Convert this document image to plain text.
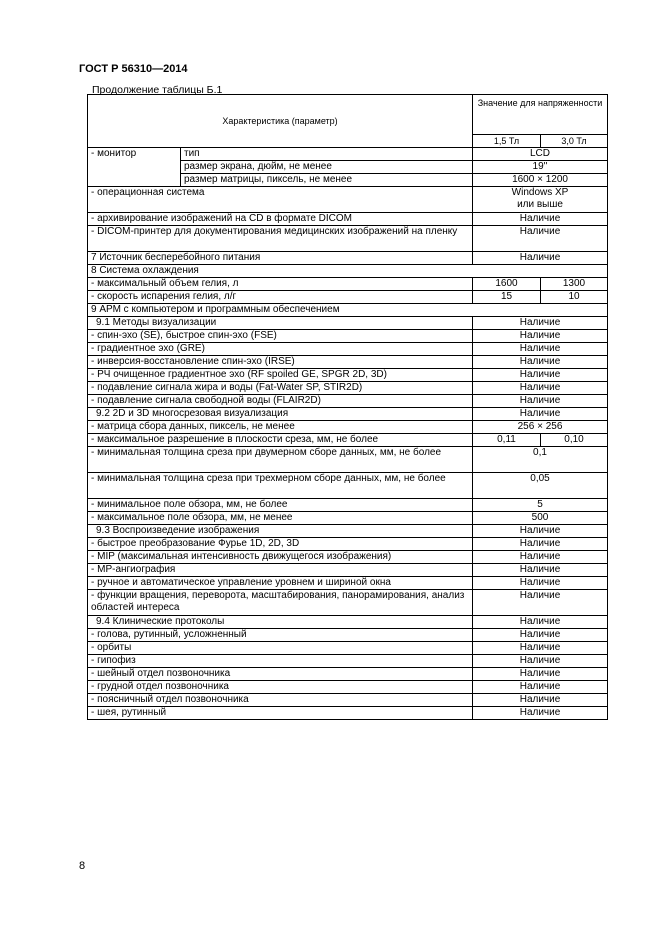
ГОСТ Р 56310—2014
Продолжение таблицы Б.1
Характеристика (параметр)		Значение для напряженности	
		1,5 Тл	3,0 Тл
- монитор	тип	LCD	
	размер экрана, дюйм, не менее	19''	
	размер матрицы, пиксель, не менее	1600 × 1200	
- операционная система		Windows XP
или выше	
- архивирование изображений на CD в формате DICOM		Наличие	
- DICOM-принтер для документирования медицинских изображений на пленку		Наличие	
7 Источник бесперебойного питания		Наличие	
8 Система охлаждения			
- максимальный объем гелия, л		1600	1300
- скорость испарения гелия, л/г		15	10
9 АРМ с компьютером и программным обеспечением			
9.1 Методы визуализации		Наличие	
- спин-эхо (SE), быстрое спин-эхо (FSE)		Наличие	
- градиентное эхо (GRE)		Наличие	
- инверсия-восстановление спин-эхо (IRSE)		Наличие	
- РЧ очищенное градиентное эхо (RF spoiled GE, SPGR 2D, 3D)		Наличие	
- подавление сигнала жира и воды (Fat-Water SP, STIR2D)		Наличие	
- подавление сигнала свободной воды (FLAIR2D)		Наличие	
9.2 2D и 3D многосрезовая визуализация		Наличие	
- матрица сбора данных, пиксель, не менее		256 × 256	
- максимальное разрешение в плоскости среза, мм, не более		0,11	0,10
- минимальная толщина среза при двумерном сборе данных, мм, не более		0,1	
- минимальная толщина среза при трехмерном сборе данных, мм, не более		0,05	
- минимальное поле обзора, мм, не более		5	
- максимальное поле обзора, мм, не менее		500	
9.3 Воспроизведение изображения		Наличие	
- быстрое преобразование Фурье 1D, 2D, 3D		Наличие	
- MIP (максимальная интенсивность движущегося изображения)		Наличие	
- МР-ангиография		Наличие	
- ручное и автоматическое управление уровнем и шириной окна		Наличие	
- функции вращения, переворота, масштабирования, панорамирования, анализ областей интереса		Наличие	
9.4 Клинические протоколы		Наличие	
- голова, рутинный, усложненный		Наличие	
- орбиты		Наличие	
- гипофиз		Наличие	
- шейный отдел позвоночника		Наличие	
- грудной отдел позвоночника		Наличие	
- поясничный отдел позвоночника		Наличие	
- шея, рутинный		Наличие	
8
